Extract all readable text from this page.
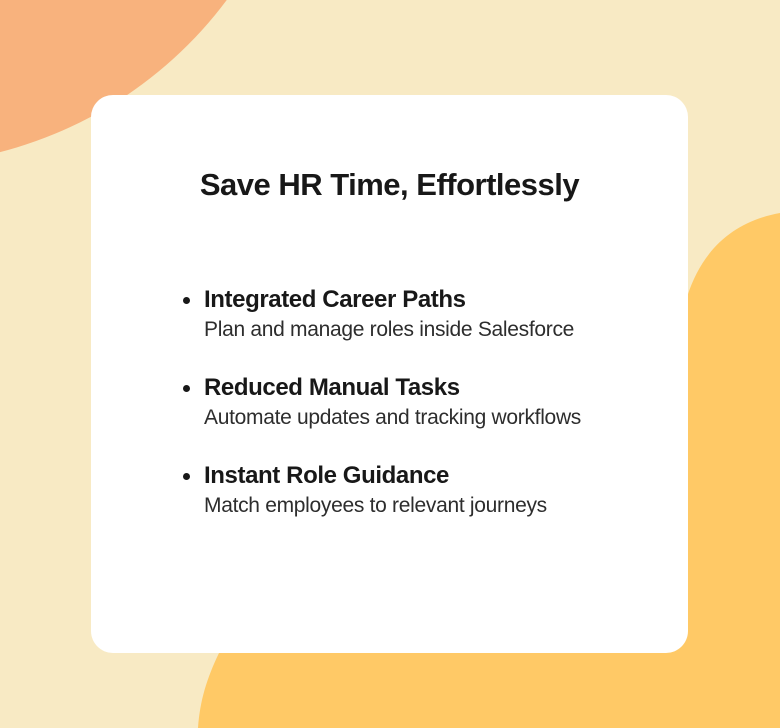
Save HR Time, Effortlessly
Integrated Career Paths
Plan and manage roles inside Salesforce
Reduced Manual Tasks
Automate updates and tracking workflows
Instant Role Guidance
Match employees to relevant journeys
